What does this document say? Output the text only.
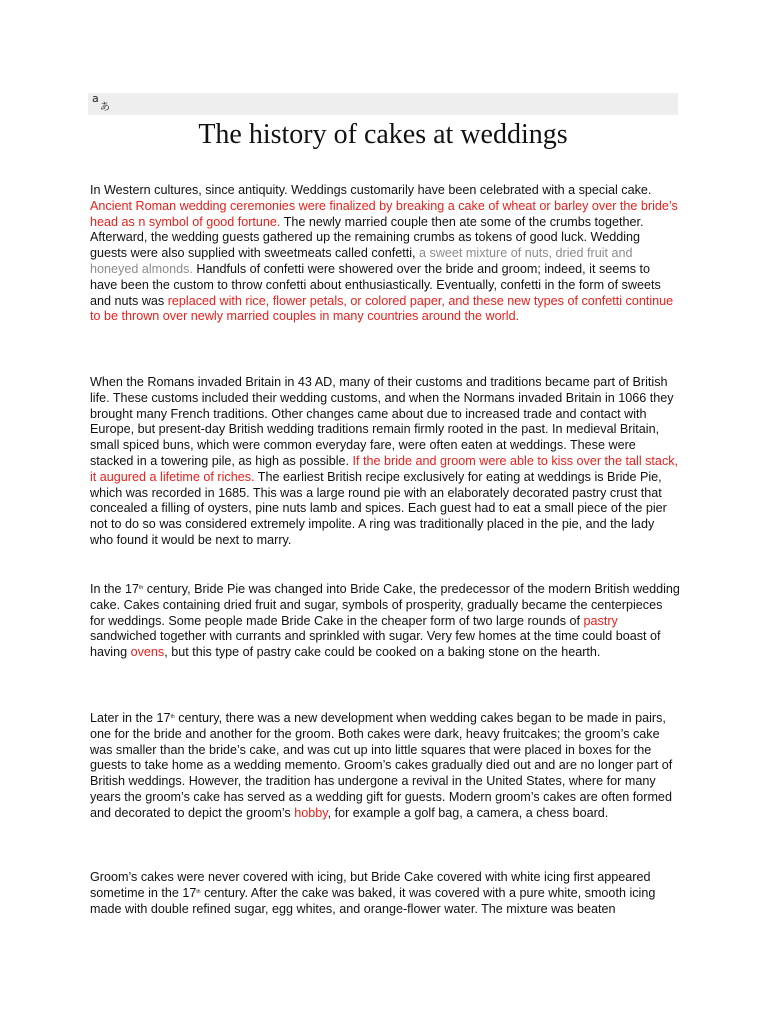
a
あ
The history of cakes at weddings

In Western cultures, since antiquity. Weddings customarily have been celebrated with a special cake. Ancient Roman wedding ceremonies were finalized by breaking a cake of wheat or barley over the bride’s head as n symbol of good fortune. The newly married couple then ate some of the crumbs together. Afterward, the wedding guests gathered up the remaining crumbs as tokens of good luck. Wedding guests were also supplied with sweetmeats called confetti, a sweet mixture of nuts, dried fruit and honeyed almonds. Handfuls of confetti were showered over the bride and groom; indeed, it seems to have been the custom to throw confetti about enthusiastically. Eventually, confetti in the form of sweets and nuts was replaced with rice, flower petals, or colored paper, and these new types of confetti continue to be thrown over newly married couples in many countries around the world.

When the Romans invaded Britain in 43 AD, many of their customs and traditions became part of British life. These customs included their wedding customs, and when the Normans invaded Britain in 1066 they brought many French traditions. Other changes came about due to increased trade and contact with Europe, but present-day British wedding traditions remain firmly rooted in the past. In medieval Britain, small spiced buns, which were common everyday fare, were often eaten at weddings. These were stacked in a towering pile, as high as possible. If the bride and groom were able to kiss over the tall stack, it augured a lifetime of riches. The earliest British recipe exclusively for eating at weddings is Bride Pie, which was recorded in 1685. This was a large round pie with an elaborately decorated pastry crust that concealed a filling of oysters, pine nuts lamb and spices. Each guest had to eat a small piece of the pier not to do so was considered extremely impolite. A ring was traditionally placed in the pie, and the lady who found it would be next to marry.

In the 17th century, Bride Pie was changed into Bride Cake, the predecessor of the modern British wedding cake. Cakes containing dried fruit and sugar, symbols of prosperity, gradually became the centerpieces for weddings. Some people made Bride Cake in the cheaper form of two large rounds of pastry sandwiched together with currants and sprinkled with sugar. Very few homes at the time could boast of having ovens, but this type of pastry cake could be cooked on a baking stone on the hearth.

Later in the 17th century, there was a new development when wedding cakes began to be made in pairs, one for the bride and another for the groom. Both cakes were dark, heavy fruitcakes; the groom’s cake was smaller than the bride’s cake, and was cut up into little squares that were placed in boxes for the guests to take home as a wedding memento. Groom’s cakes gradually died out and are no longer part of British weddings. However, the tradition has undergone a revival in the United States, where for many years the groom’s cake has served as a wedding gift for guests. Modern groom’s cakes are often formed and decorated to depict the groom’s hobby, for example a golf bag, a camera, a chess board.

Groom’s cakes were never covered with icing, but Bride Cake covered with white icing first appeared sometime in the 17th century. After the cake was baked, it was covered with a pure white, smooth icing made with double refined sugar, egg whites, and orange-flower water. The mixture was beaten
